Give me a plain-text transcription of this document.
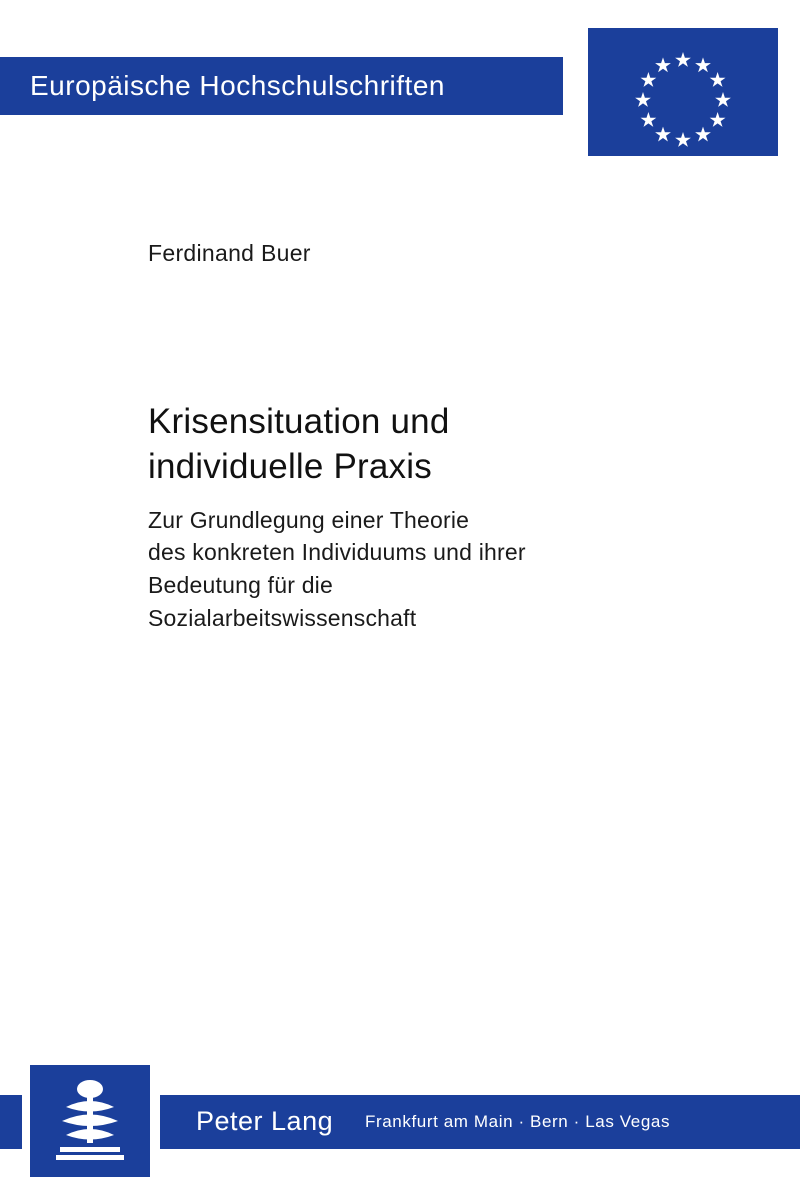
Europäische Hochschulschriften
Ferdinand Buer
Krisensituation und
individuelle Praxis
Zur Grundlegung einer Theorie
des konkreten Individuums und ihrer
Bedeutung für die
Sozialarbeitswissenschaft
Peter Lang Frankfurt am Main · Bern · Las Vegas
